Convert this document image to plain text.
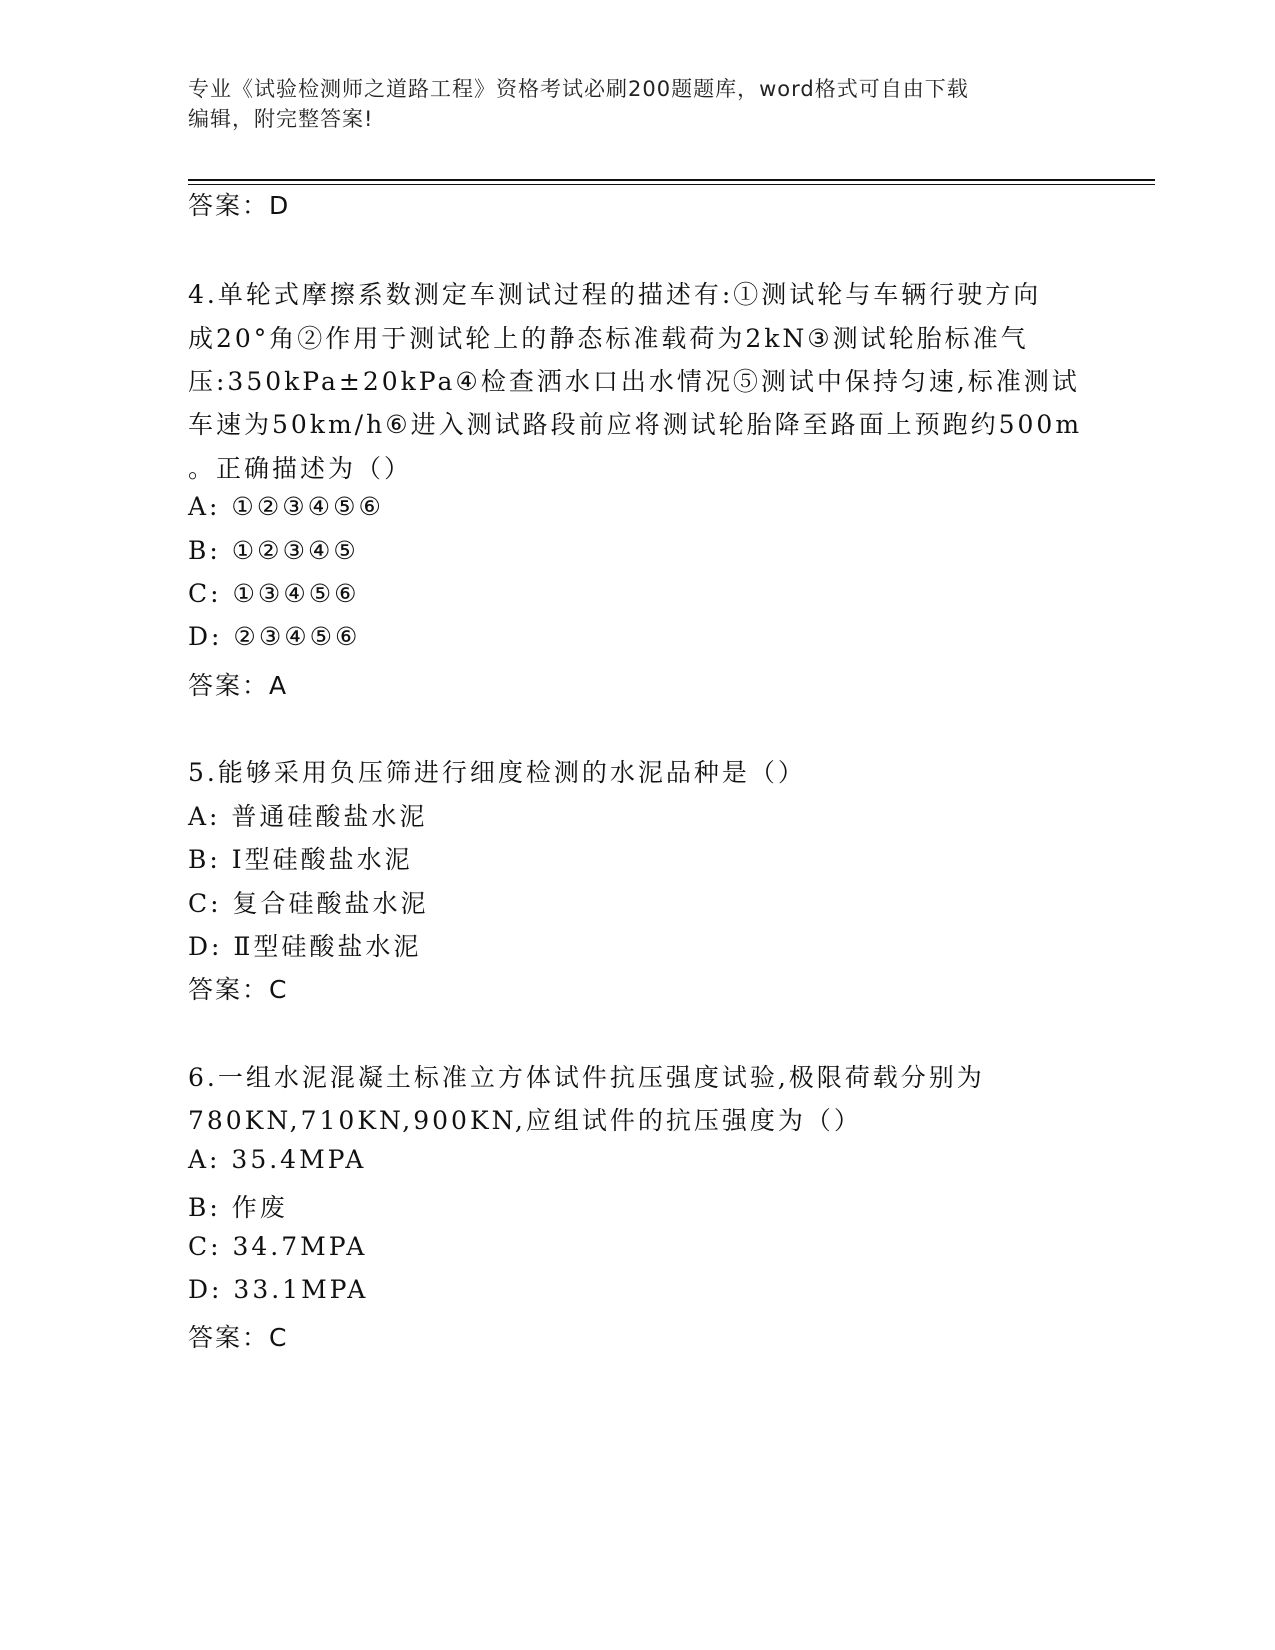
专业《试验检测师之道路工程》资格考试必刷200题题库，word格式可自由下载
编辑，附完整答案!
答案：D
4.单轮式摩擦系数测定车测试过程的描述有:①测试轮与车辆行驶方向
成20°角②作用于测试轮上的静态标准载荷为2kN③测试轮胎标准气
压:350kPa±20kPa④检查洒水口出水情况⑤测试中保持匀速,标准测试
车速为50km/h⑥进入测试路段前应将测试轮胎降至路面上预跑约500m
。正确描述为（）
A: ①②③④⑤⑥
B: ①②③④⑤
C: ①③④⑤⑥
D: ②③④⑤⑥
答案：A
5.能够采用负压筛进行细度检测的水泥品种是（）
A: 普通硅酸盐水泥
B: Ⅰ型硅酸盐水泥
C: 复合硅酸盐水泥
D: Ⅱ型硅酸盐水泥
答案：C
6.一组水泥混凝土标准立方体试件抗压强度试验,极限荷载分别为
780KN,710KN,900KN,应组试件的抗压强度为（）
A: 35.4MPA
B: 作废
C: 34.7MPA
D: 33.1MPA
答案：C
